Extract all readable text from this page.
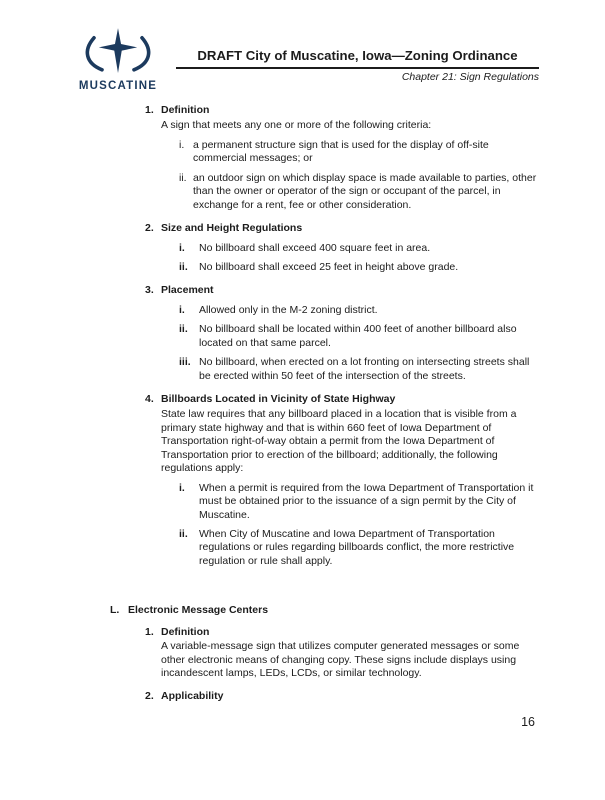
MUSCATINE
DRAFT City of Muscatine, Iowa—Zoning Ordinance
Chapter 21: Sign Regulations
1. Definition
A sign that meets any one or more of the following criteria:
i. a permanent structure sign that is used for the display of off-site commercial messages; or
ii. an outdoor sign on which display space is made available to parties, other than the owner or operator of the sign or occupant of the parcel, in exchange for a rent, fee or other consideration.
2. Size and Height Regulations
i.	No billboard shall exceed 400 square feet in area.
ii.	No billboard shall exceed 25 feet in height above grade.
3. Placement
i.	Allowed only in the M-2 zoning district.
ii.	No billboard shall be located within 400 feet of another billboard also located on that same parcel.
iii. No billboard, when erected on a lot fronting on intersecting streets shall be erected within 50 feet of the intersection of the streets.
4. Billboards Located in Vicinity of State Highway
State law requires that any billboard placed in a location that is visible from a primary state highway and that is within 660 feet of Iowa Department of Transportation right-of-way obtain a permit from the Iowa Department of Transportation prior to erection of the billboard; additionally, the following regulations apply:
i.	When a permit is required from the Iowa Department of Transportation it must be obtained prior to the issuance of a sign permit by the City of Muscatine.
ii.	When City of Muscatine and Iowa Department of Transportation regulations or rules regarding billboards conflict, the more restrictive regulation or rule shall apply.
L. Electronic Message Centers
1. Definition
A variable-message sign that utilizes computer generated messages or some other electronic means of changing copy. These signs include displays using incandescent lamps, LEDs, LCDs, or similar technology.
2. Applicability
16
